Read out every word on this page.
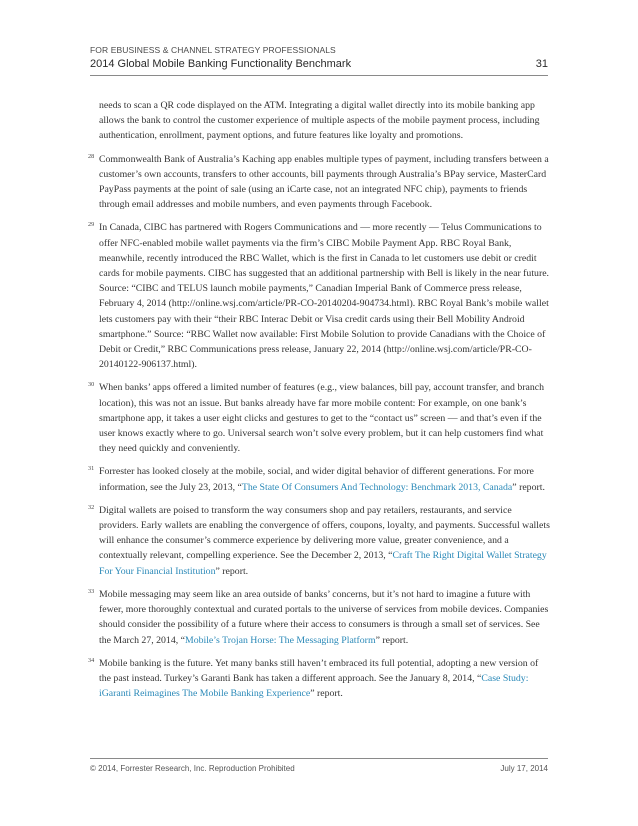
FOR EBUSINESS & CHANNEL STRATEGY PROFESSIONALS
2014 Global Mobile Banking Functionality Benchmark	31

needs to scan a QR code displayed on the ATM. Integrating a digital wallet directly into its mobile banking app allows the bank to control the customer experience of multiple aspects of the mobile payment process, including authentication, enrollment, payment options, and future features like loyalty and promotions.

28 Commonwealth Bank of Australia’s Kaching app enables multiple types of payment, including transfers between a customer’s own accounts, transfers to other accounts, bill payments through Australia’s BPay service, MasterCard PayPass payments at the point of sale (using an iCarte case, not an integrated NFC chip), payments to friends through email addresses and mobile numbers, and even payments through Facebook.

29 In Canada, CIBC has partnered with Rogers Communications and — more recently — Telus Communications to offer NFC-enabled mobile wallet payments via the firm’s CIBC Mobile Payment App. RBC Royal Bank, meanwhile, recently introduced the RBC Wallet, which is the first in Canada to let customers use debit or credit cards for mobile payments. CIBC has suggested that an additional partnership with Bell is likely in the near future. Source: “CIBC and TELUS launch mobile payments,” Canadian Imperial Bank of Commerce press release, February 4, 2014 (http://online.wsj.com/article/PR-CO-20140204-904734.html). RBC Royal Bank’s mobile wallet lets customers pay with their “their RBC Interac Debit or Visa credit cards using their Bell Mobility Android smartphone.” Source: “RBC Wallet now available: First Mobile Solution to provide Canadians with the Choice of Debit or Credit,” RBC Communications press release, January 22, 2014 (http://online.wsj.com/article/PR-CO-20140122-906137.html).

30 When banks’ apps offered a limited number of features (e.g., view balances, bill pay, account transfer, and branch location), this was not an issue. But banks already have far more mobile content: For example, on one bank’s smartphone app, it takes a user eight clicks and gestures to get to the “contact us” screen — and that’s even if the user knows exactly where to go. Universal search won’t solve every problem, but it can help customers find what they need quickly and conveniently.

31 Forrester has looked closely at the mobile, social, and wider digital behavior of different generations. For more information, see the July 23, 2013, “The State Of Consumers And Technology: Benchmark 2013, Canada” report.

32 Digital wallets are poised to transform the way consumers shop and pay retailers, restaurants, and service providers. Early wallets are enabling the convergence of offers, coupons, loyalty, and payments. Successful wallets will enhance the consumer’s commerce experience by delivering more value, greater convenience, and a contextually relevant, compelling experience. See the December 2, 2013, “Craft The Right Digital Wallet Strategy For Your Financial Institution” report.

33 Mobile messaging may seem like an area outside of banks’ concerns, but it’s not hard to imagine a future with fewer, more thoroughly contextual and curated portals to the universe of services from mobile devices. Companies should consider the possibility of a future where their access to consumers is through a small set of services. See the March 27, 2014, “Mobile’s Trojan Horse: The Messaging Platform” report.

34 Mobile banking is the future. Yet many banks still haven’t embraced its full potential, adopting a new version of the past instead. Turkey’s Garanti Bank has taken a different approach. See the January 8, 2014, “Case Study: iGaranti Reimagines The Mobile Banking Experience” report.

© 2014, Forrester Research, Inc. Reproduction Prohibited	July 17, 2014
